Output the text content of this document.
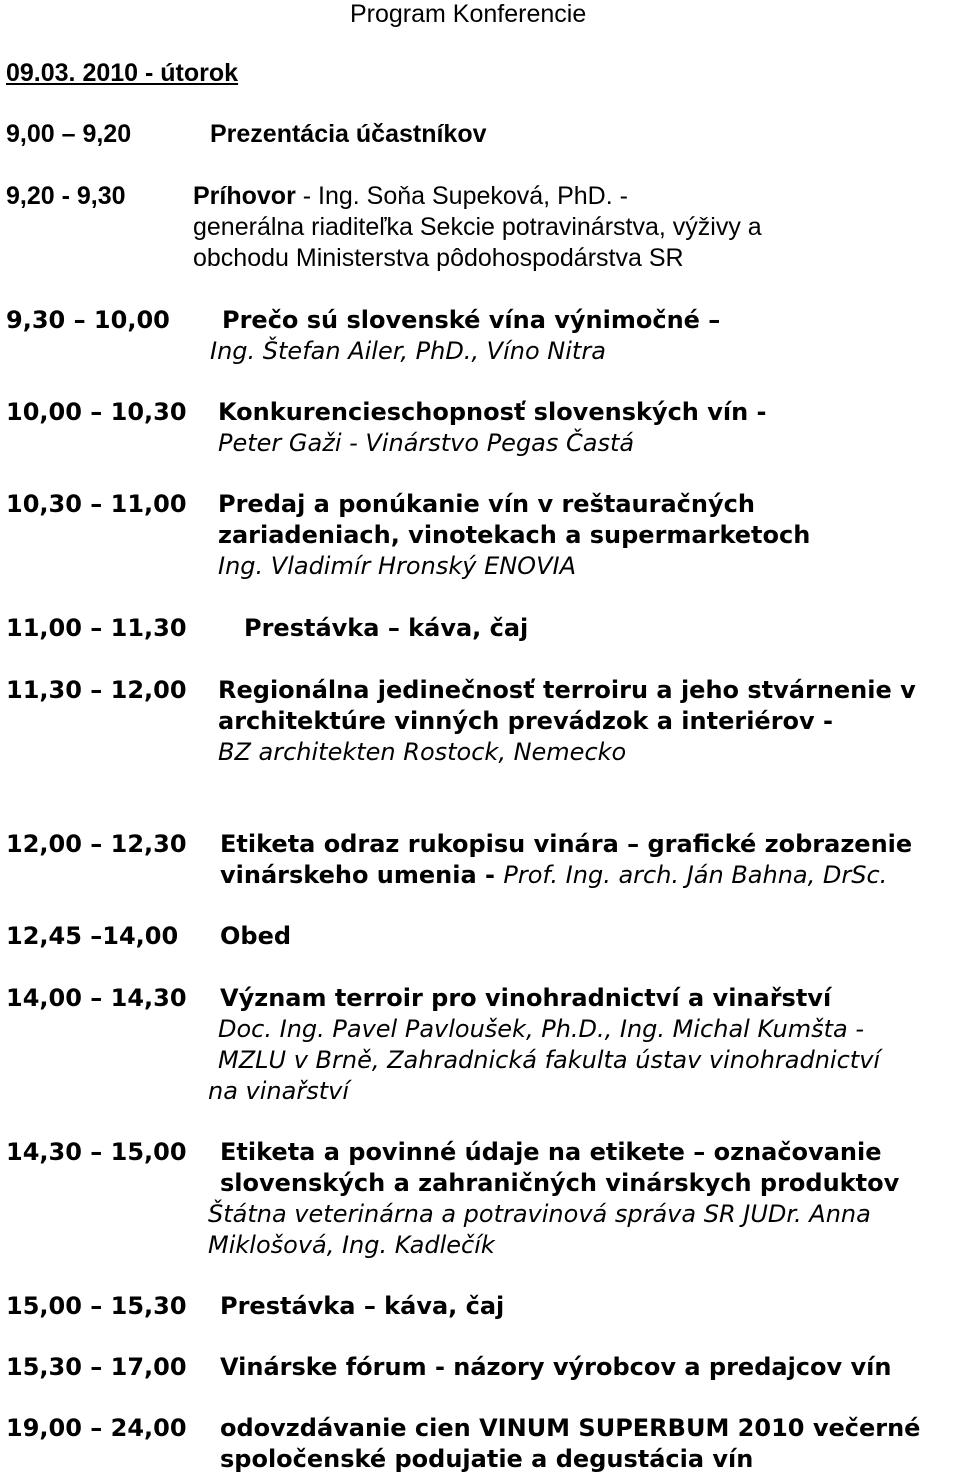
Program Konferencie
09.03. 2010 - útorok
9,00 – 9,20	Prezentácia účastníkov
9,20 - 9,30	Príhovor - Ing. Soňa Supeková, PhD. -
generálna riaditeľka Sekcie potravinárstva, výživy a
obchodu Ministerstva pôdohospodárstva SR
9,30 – 10,00 Prečo sú slovenské vína výnimočné –
Ing. Štefan Ailer, PhD., Víno Nitra
10,00 – 10,30 Konkurencieschopnosť slovenských vín -
Peter Gaži - Vinárstvo Pegas Častá
10,30 – 11,00 Predaj a ponúkanie vín v reštauračných
zariadeniach, vinotekach a supermarketoch
Ing. Vladimír Hronský ENOVIA
11,00 – 11,30 Prestávka – káva, čaj
11,30 – 12,00 Regionálna jedinečnosť terroiru a jeho stvárnenie v
architektúre vinných prevádzok a interiérov -
BZ architekten Rostock, Nemecko
12,00 – 12,30 Etiketa odraz rukopisu vinára – grafické zobrazenie
vinárskeho umenia - Prof. Ing. arch. Ján Bahna, DrSc.
12,45 –14,00 Obed
14,00 – 14,30 Význam terroir pro vinohradnictví a vinařství
Doc. Ing. Pavel Pavloušek, Ph.D., Ing. Michal Kumšta -
MZLU v Brně, Zahradnická fakulta ústav vinohradnictví
na vinařství
14,30 – 15,00 Etiketa a povinné údaje na etikete – označovanie
slovenských a zahraničných vinárskych produktov
Štátna veterinárna a potravinová správa SR JUDr. Anna
Miklošová, Ing. Kadlečík
15,00 – 15,30 Prestávka – káva, čaj
15,30 – 17,00 Vinárske fórum - názory výrobcov a predajcov vín
19,00 – 24,00 odovzdávanie cien VINUM SUPERBUM 2010 večerné
spoločenské podujatie a degustácia vín
